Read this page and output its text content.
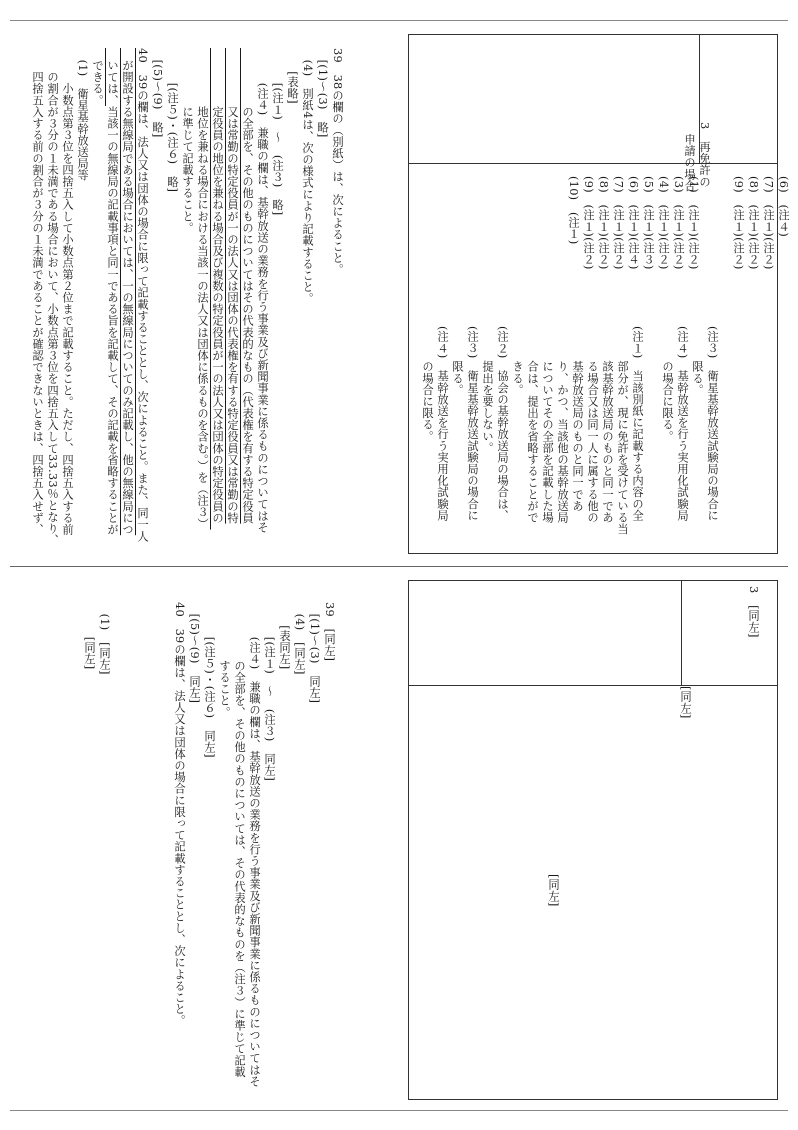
3　再免許の
　申請の場合
(6)　(注４)
(7)　(注１)(注２)
(8)　(注１)(注２)
(9)　(注１)(注２)

(1)　(注１)(注２)
(3)　(注１)(注２)
(4)　(注１)(注２)
(5)　(注１)(注３)
(6)　(注１)(注４)
(7)　(注１)(注２)
(8)　(注１)(注２)
(9)　(注１)(注２)
(10)　(注１)
(注３)　衛星基幹放送試験局の場合に
　　　限る。
(注４)　基幹放送を行う実用化試験局
　　　の場合に限る。

(注１)　当該別紙に記載する内容の全
　　　部分が、現に免許を受けている当
　　　該基幹放送局のものと同一であ
　　　る場合又は同一人に属する他の
　　　基幹放送局のものと同一であ
　　　り、かつ、当該他の基幹放送局
　　　についてその全部を記載した場
　　　合は、提出を省略することがで
　　　きる。
(注２)　協会の基幹放送局の場合は、
　　　提出を要しない。
(注３)　衛星基幹放送試験局の場合に
　　　限る。
(注４)　基幹放送を行う実用化試験局
　　　の場合に限る。
39　38の欄の（別紙）は、次によること。
　[(1)～(3)　略]
　(4)　別紙4は、次の様式により記載すること。
　　[表略]
　　　[(注１)　～　(注３)　略]
　　　(注４)　兼職の欄は、基幹放送の業務を行う事業及び新聞事業に係るものについてはそ
　　　　　の全部を、その他のものについてはその代表的なもの（代表権を有する特定役員
　　　　　又は常勤の特定役員が一の法人又は団体の代表権を有する特定役員又は常勤の特
　　　　　定役員の地位を兼ねる場合及び複数の特定役員が一の法人又は団体の特定役員の
　　　　　地位を兼ねる場合における当該一の法人又は団体に係るものを含む。）を（注３）
　　　　　に準じて記載すること。
　　　[(注５)・(注６)　略]
　[(5)～(9)　略]
40　39の欄は、法人又は団体の場合に限って記載することとし、次によること。また、同一人
　が開設する無線局である場合においては、一の無線局についてのみ記載し、他の無線局につ
　いては、当該一の無線局の記載事項と同一である旨を記載して、その記載を省略することが
　できる。
　(1)　衛星基幹放送局等
　　　小数点第３位を四捨五入して小数点第２位まで記載すること。ただし、四捨五入する前
　　の割合が３分の１未満である場合において、小数点第３位を四捨五入して33.33％となり、
　　四捨五入する前の割合が３分の１未満であることが確認できないときは、四捨五入せず、
3　[同左]
[同左]
[同左]
39　[同左]
　[(1)～(3)　同左]
　(4)　[同左]
　　[表同左]
　　　[(注１)　～　(注３)　同左]
　　　(注４)　兼職の欄は、基幹放送の業務を行う事業及び新聞事業に係るものについてはそ
　　　　　の全部を、その他のものについては、その代表的なものを（注３）に準じて記載
　　　　　すること。
　　　[(注５)・(注６)　同左]
　[(5)～(9)　同左]
40　39の欄は、法人又は団体の場合に限って記載することとし、次によること。

　(1)　[同左]
　　　[同左]
